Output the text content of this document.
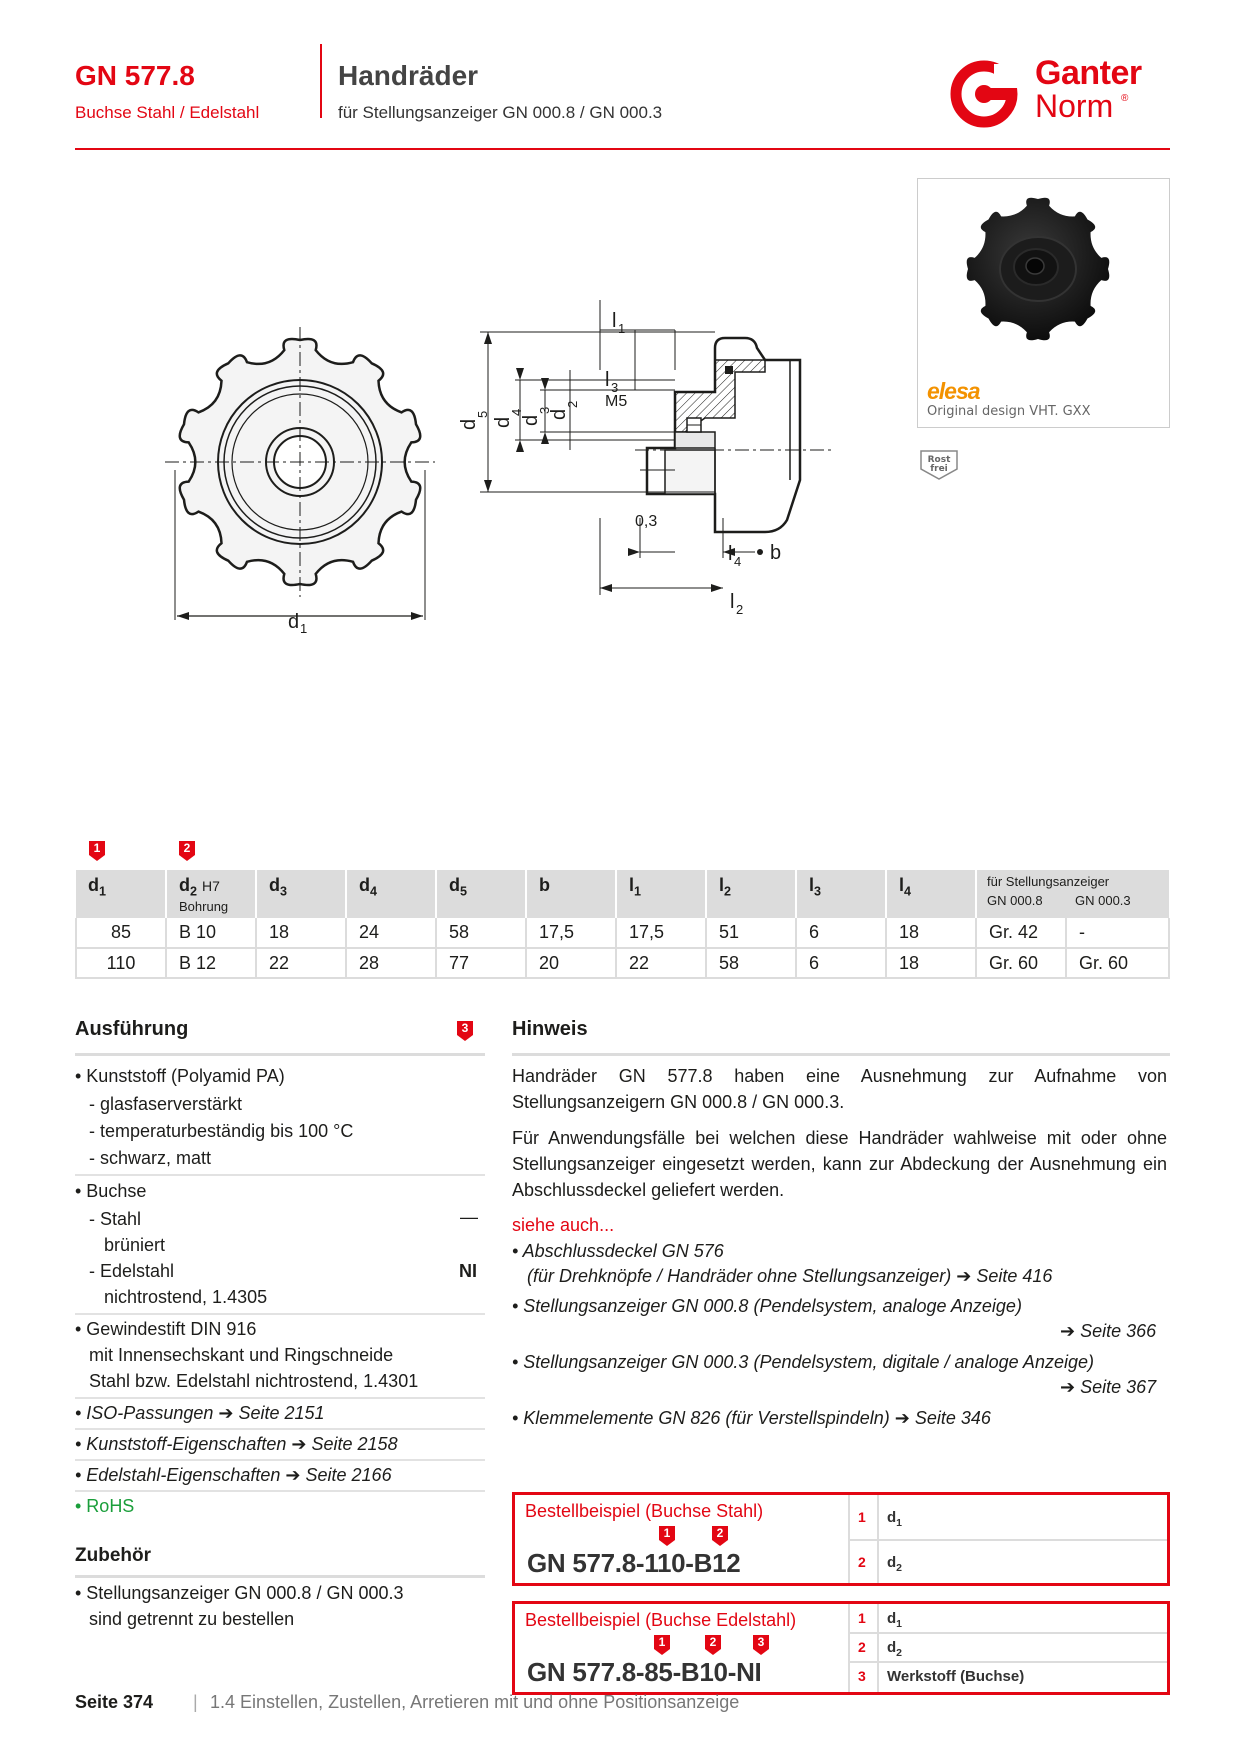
GN 577.8
Buchse Stahl / Edelstahl
Handräder
für Stellungsanzeiger GN 000.8 / GN 000.3
Ganter
Norm ®
elesa
Original design VHT. GXX
Rost
frei
d 1
d
5
d
4
d
3
d
2
l 1
l 3
M5
0,3
l 4 b
l 2
1	2
$d_1$	$d_2$ H7
Bohrung	$d_3$	$d_4$	$d_5$	b	$l_1$	$l_2$	$l_3$	$l_4$	für Stellungsanzeiger
GN 000.8 GN 000.3	
85	B 10	18	24	58	17,5	17,5	51	6	18	Gr. 42	-
110	B 12	22	28	77	20	22	58	6	18	Gr. 60	Gr. 60
Ausführung	3
• Kunststoff (Polyamid PA)
- glasfaserverstärkt
- temperaturbeständig bis 100 °C
- schwarz, matt
• Buchse
- Stahl	—
brüniert
- Edelstahl	NI
nichtrostend, 1.4305
• Gewindestift DIN 916
mit Innensechskant und Ringschneide
Stahl bzw. Edelstahl nichtrostend, 1.4301
• ISO-Passungen ➔ Seite 2151
• Kunststoff-Eigenschaften ➔ Seite 2158
• Edelstahl-Eigenschaften ➔ Seite 2166
• RoHS
Zubehör
• Stellungsanzeiger GN 000.8 / GN 000.3
sind getrennt zu bestellen
Hinweis
Handräder GN 577.8 haben eine Ausnehmung zur Aufnahme von Stellungsanzeigern GN 000.8 / GN 000.3.
Für Anwendungsfälle bei welchen diese Handräder wahlweise mit oder ohne Stellungsanzeiger eingesetzt werden, kann zur Abdeckung der Ausnehmung ein Abschlussdeckel geliefert werden.
siehe auch...
• Abschlussdeckel GN 576
(für Drehknöpfe / Handräder ohne Stellungsanzeiger) ➔ Seite 416
• Stellungsanzeiger GN 000.8 (Pendelsystem, analoge Anzeige)
➔ Seite 366
• Stellungsanzeiger GN 000.3 (Pendelsystem, digitale / analoge Anzeige)
➔ Seite 367
• Klemmelemente GN 826 (für Verstellspindeln) ➔ Seite 346
Bestellbeispiel (Buchse Stahl)
1	2
GN 577.8-110-B12
1 $d_1$
2 $d_2$
Bestellbeispiel (Buchse Edelstahl)
1	2	3
GN 577.8-85-B10-NI
1 $d_1$
2 $d_2$
3 Werkstoff (Buchse)
Seite 374 | 1.4 Einstellen, Zustellen, Arretieren mit und ohne Positionsanzeige
